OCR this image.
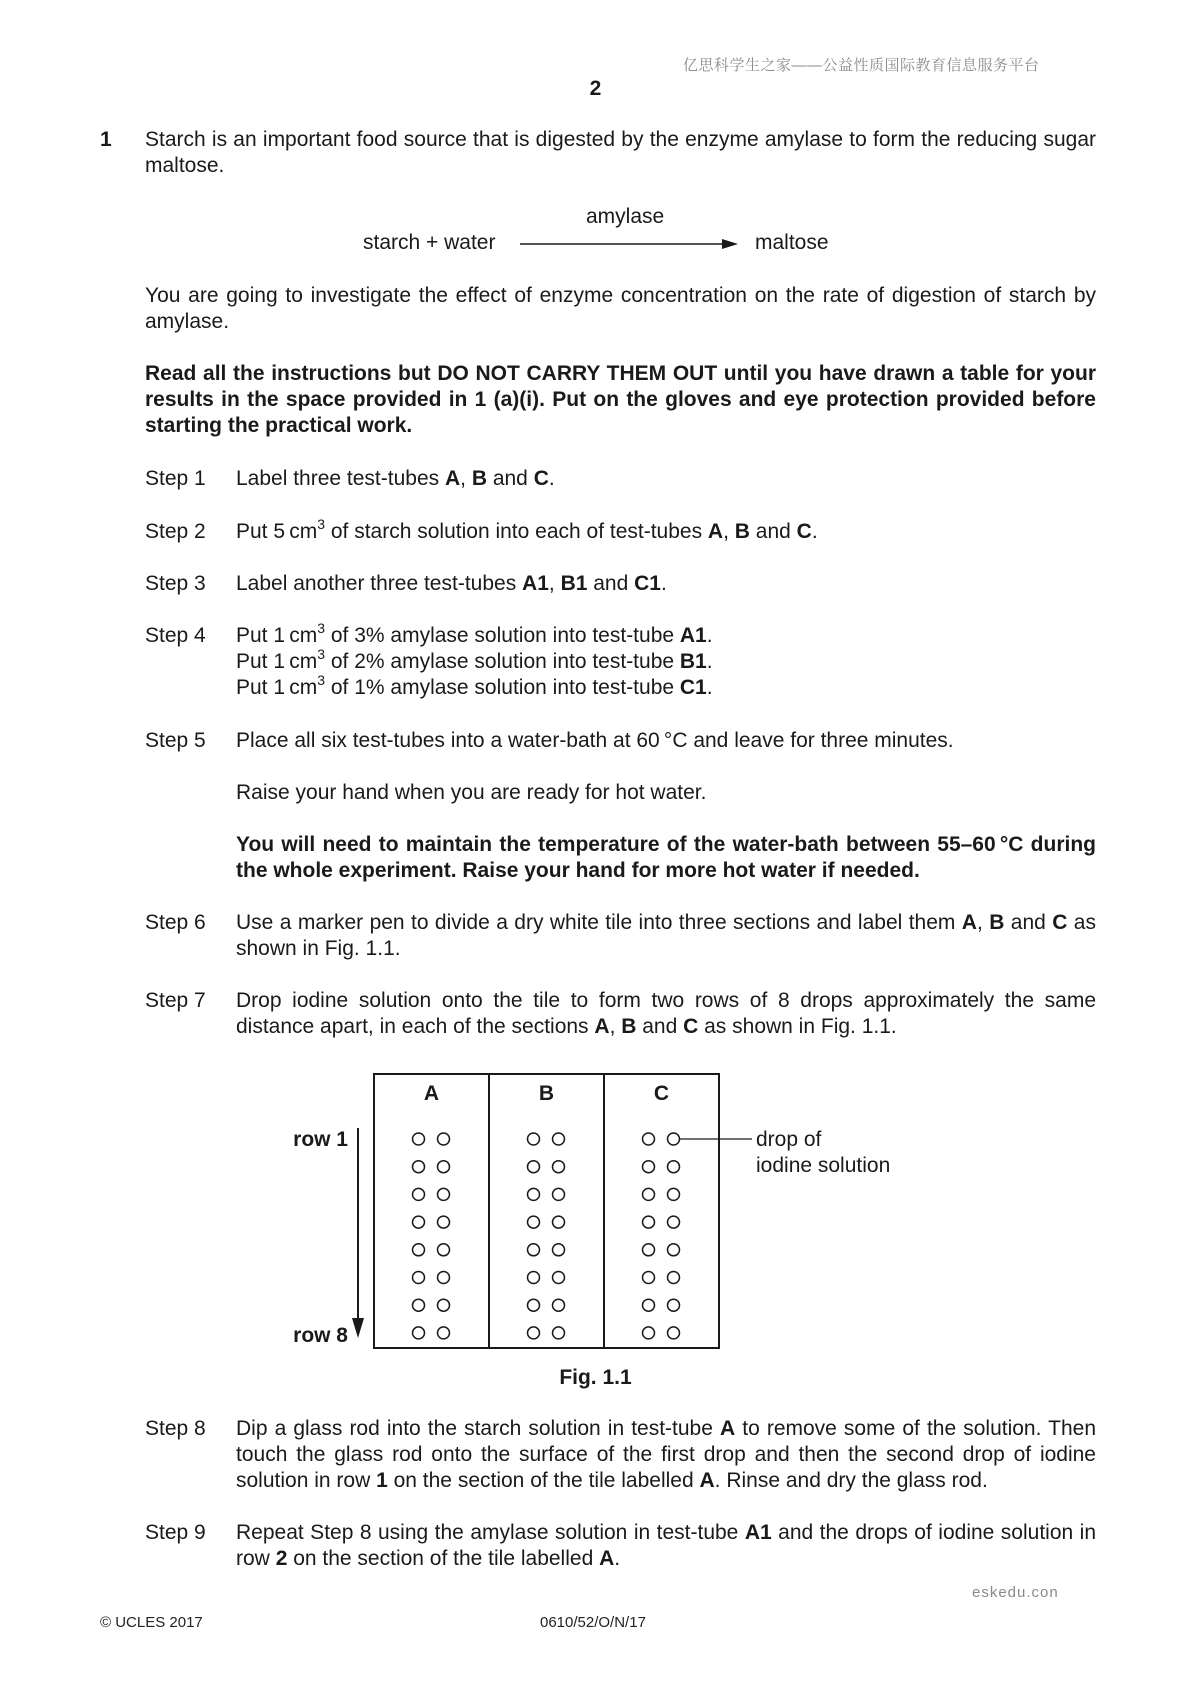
亿思科学生之家——公益性质国际教育信息服务平台
2
1 Starch is an important food source that is digested by the enzyme amylase to form the reducing sugar maltose.
amylase
starch + water	maltose
You are going to investigate the effect of enzyme concentration on the rate of digestion of starch by amylase.
Read all the instructions but DO NOT CARRY THEM OUT until you have drawn a table for your results in the space provided in 1 (a)(i). Put on the gloves and eye protection provided before starting the practical work.
Step 1 Label three test-tubes A, B and C.
Step 2 Put 5 $cm^3$ of starch solution into each of test-tubes A, B and C.
Step 3 Label another three test-tubes A1, B1 and C1.
Step 4 Put 1 $cm^3$ of 3% amylase solution into test-tube A1.
Put 1 $cm^3$ of 2% amylase solution into test-tube B1.
Put 1 $cm^3$ of 1% amylase solution into test-tube C1.
Step 5 Place all six test-tubes into a water-bath at 60 °C and leave for three minutes.
Raise your hand when you are ready for hot water.
You will need to maintain the temperature of the water-bath between 55–60 °C during the whole experiment. Raise your hand for more hot water if needed.
Step 6 Use a marker pen to divide a dry white tile into three sections and label them A, B and C as shown in Fig. 1.1.
Step 7 Drop iodine solution onto the tile to form two rows of 8 drops approximately the same distance apart, in each of the sections A, B and C as shown in Fig. 1.1.
A	B	C
row 1
row 8
drop of
iodine solution
Fig. 1.1
Step 8 Dip a glass rod into the starch solution in test-tube A to remove some of the solution. Then touch the glass rod onto the surface of the first drop and then the second drop of iodine solution in row 1 on the section of the tile labelled A. Rinse and dry the glass rod.
Step 9 Repeat Step 8 using the amylase solution in test-tube A1 and the drops of iodine solution in row 2 on the section of the tile labelled A.
eskedu.con
© UCLES 2017	0610/52/O/N/17
